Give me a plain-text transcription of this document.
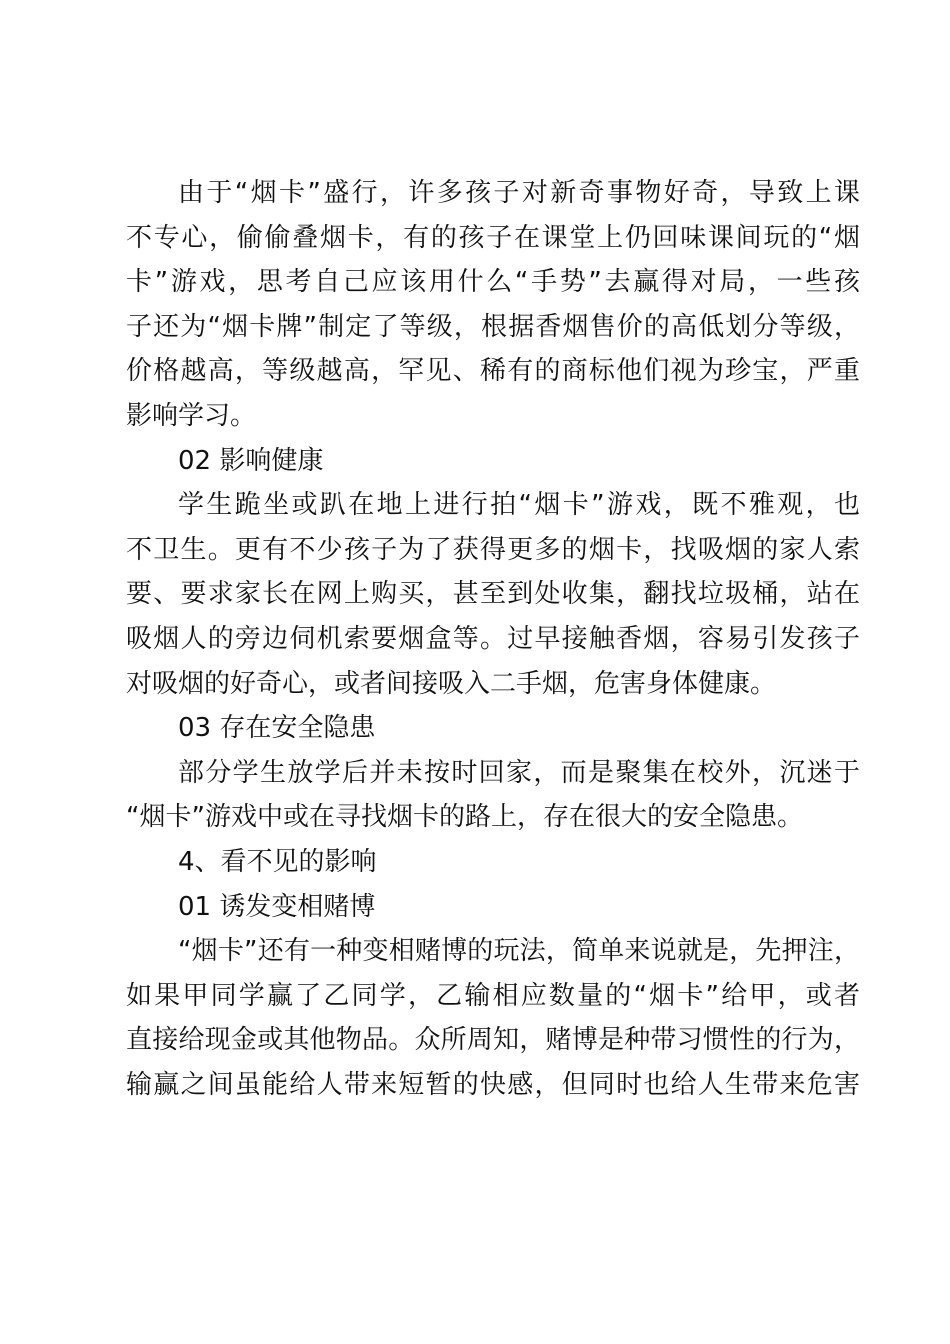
由于“烟卡”盛行，许多孩子对新奇事物好奇，导致上课
不专心，偷偷叠烟卡，有的孩子在课堂上仍回味课间玩的“烟
卡”游戏，思考自己应该用什么“手势”去赢得对局，一些孩
子还为“烟卡牌”制定了等级，根据香烟售价的高低划分等级，
价格越高，等级越高，罕见、稀有的商标他们视为珍宝，严重
影响学习。
02 影响健康
学生跪坐或趴在地上进行拍“烟卡”游戏，既不雅观，也
不卫生。更有不少孩子为了获得更多的烟卡，找吸烟的家人索
要、要求家长在网上购买，甚至到处收集，翻找垃圾桶，站在
吸烟人的旁边伺机索要烟盒等。过早接触香烟，容易引发孩子
对吸烟的好奇心，或者间接吸入二手烟，危害身体健康。
03 存在安全隐患
部分学生放学后并未按时回家，而是聚集在校外，沉迷于
“烟卡”游戏中或在寻找烟卡的路上，存在很大的安全隐患。
4、看不见的影响
01 诱发变相赌博
“烟卡”还有一种变相赌博的玩法，简单来说就是，先押注，
如果甲同学赢了乙同学，乙输相应数量的“烟卡”给甲，或者
直接给现金或其他物品。众所周知，赌博是种带习惯性的行为，
输赢之间虽能给人带来短暂的快感，但同时也给人生带来危害
